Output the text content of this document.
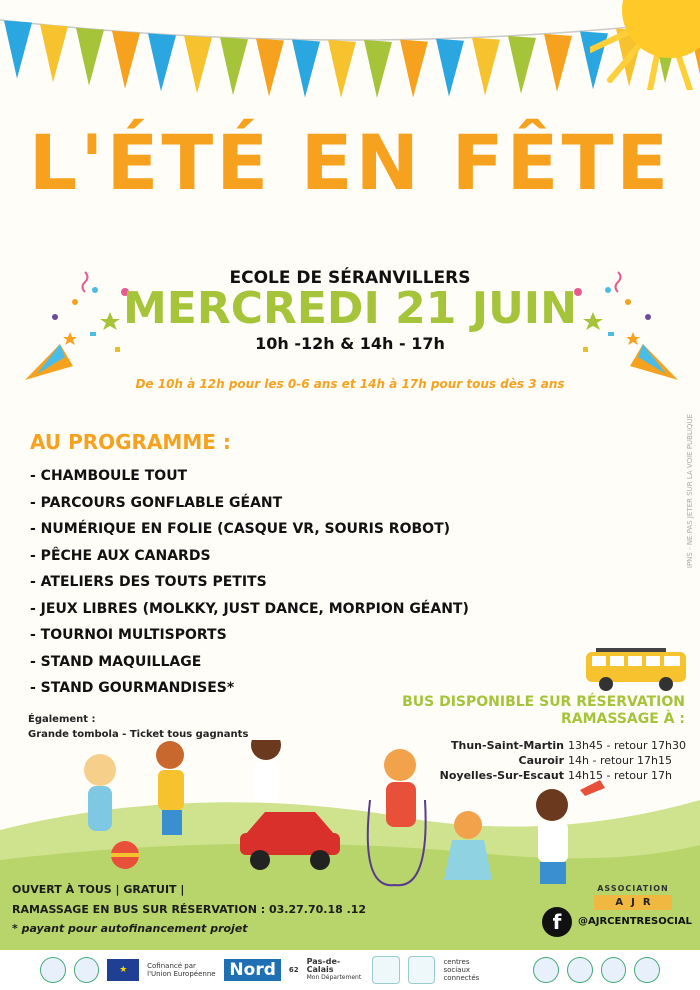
L'ÉTÉ EN FÊTE
ECOLE DE SÉRANVILLERS
MERCREDI 21 JUIN
10h -12h & 14h - 17h
De 10h à 12h pour les 0-6 ans et 14h à 17h pour tous dès 3 ans
IPNS - NE PAS JETER SUR LA VOIE PUBLIQUE
AU PROGRAMME :
- CHAMBOULE TOUT
- PARCOURS GONFLABLE GÉANT
- NUMÉRIQUE EN FOLIE (CASQUE VR, SOURIS ROBOT)
- PÊCHE AUX CANARDS
- ATELIERS DES TOUTS PETITS
- JEUX LIBRES (MOLKKY, JUST DANCE, MORPION GÉANT)
- TOURNOI MULTISPORTS
- STAND MAQUILLAGE
- STAND GOURMANDISES*
Également :
Grande tombola - Ticket tous gagnants
BUS DISPONIBLE SUR RÉSERVATION
RAMASSAGE À :
Thun-Saint-Martin	13h45 - retour 17h30
Cauroir	14h - retour 17h15
Noyelles-Sur-Escaut	14h15 - retour 17h
OUVERT À TOUS | GRATUIT |
RAMASSAGE EN BUS SUR RÉSERVATION : 03.27.70.18 .12
* payant pour autofinancement projet
ASSOCIATION
A J R
f	@AJRCENTRESOCIAL
★	Cofinancé par l'Union Européenne Nord	62
Pas-de-Calais
Mon Département
centres sociaux connectés
